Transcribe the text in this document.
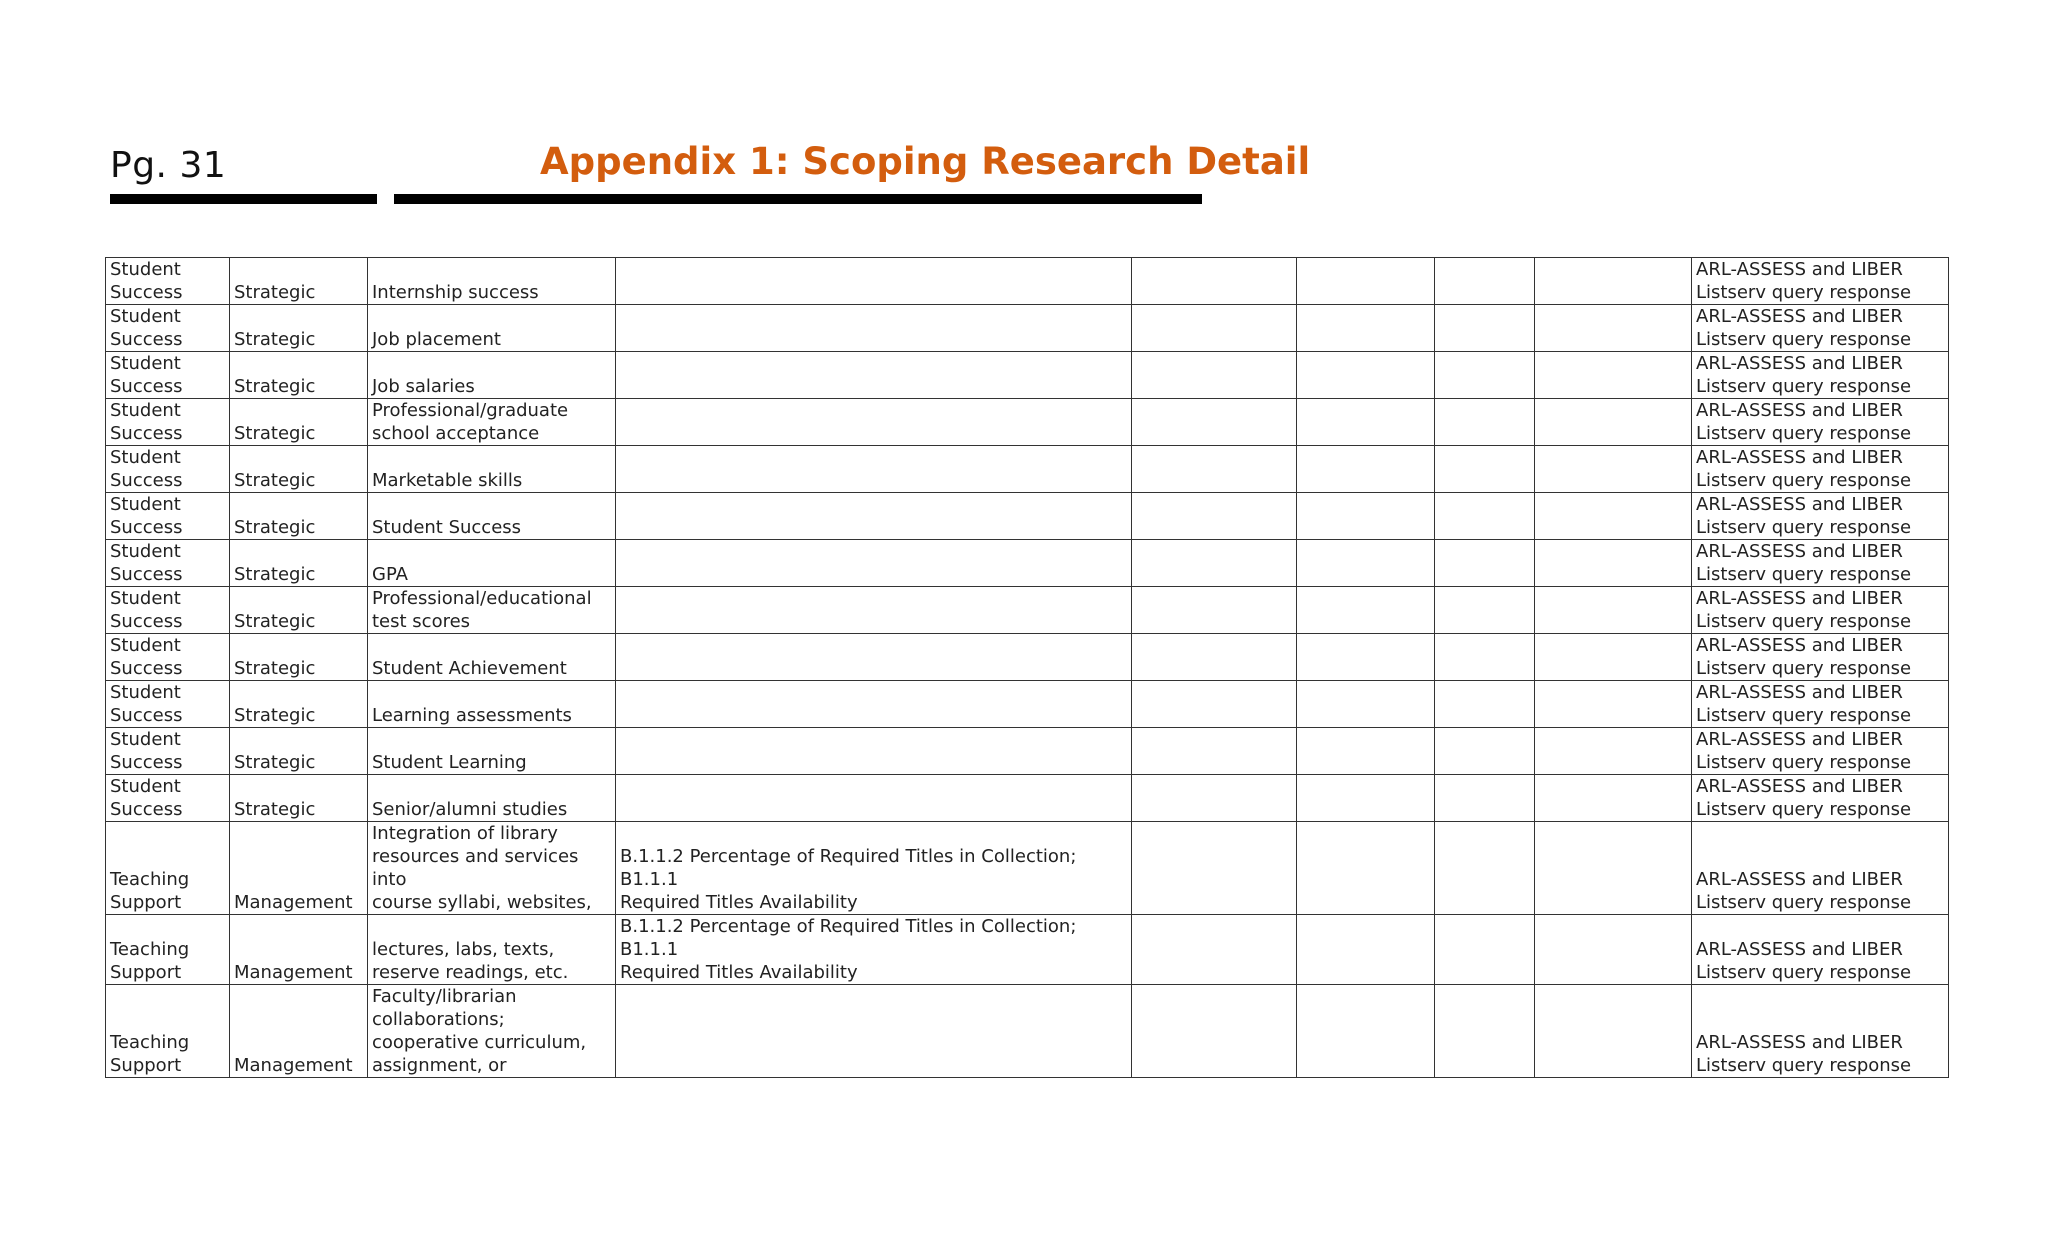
Pg. 31	Appendix 1: Scoping Research Detail
Student
Success	Strategic	Internship success						ARL-ASSESS and LIBER
Listserv query response
Student
Success	Strategic	Job placement						ARL-ASSESS and LIBER
Listserv query response
Student
Success	Strategic	Job salaries						ARL-ASSESS and LIBER
Listserv query response
Student
Success	Strategic	Professional/graduate
school acceptance						ARL-ASSESS and LIBER
Listserv query response
Student
Success	Strategic	Marketable skills						ARL-ASSESS and LIBER
Listserv query response
Student
Success	Strategic	Student Success						ARL-ASSESS and LIBER
Listserv query response
Student
Success	Strategic	GPA						ARL-ASSESS and LIBER
Listserv query response
Student
Success	Strategic	Professional/educational
test scores						ARL-ASSESS and LIBER
Listserv query response
Student
Success	Strategic	Student Achievement						ARL-ASSESS and LIBER
Listserv query response
Student
Success	Strategic	Learning assessments						ARL-ASSESS and LIBER
Listserv query response
Student
Success	Strategic	Student Learning						ARL-ASSESS and LIBER
Listserv query response
Student
Success	Strategic	Senior/alumni studies						ARL-ASSESS and LIBER
Listserv query response
Teaching
Support	Management	Integration of library
resources and services into
course syllabi, websites,	B.1.1.2 Percentage of Required Titles in Collection; B1.1.1
Required Titles Availability					ARL-ASSESS and LIBER
Listserv query response
Teaching
Support	Management	lectures, labs, texts,
reserve readings, etc.	B.1.1.2 Percentage of Required Titles in Collection; B1.1.1
Required Titles Availability					ARL-ASSESS and LIBER
Listserv query response
Teaching
Support	Management	Faculty/librarian
collaborations;
cooperative curriculum,
assignment, or						ARL-ASSESS and LIBER
Listserv query response
